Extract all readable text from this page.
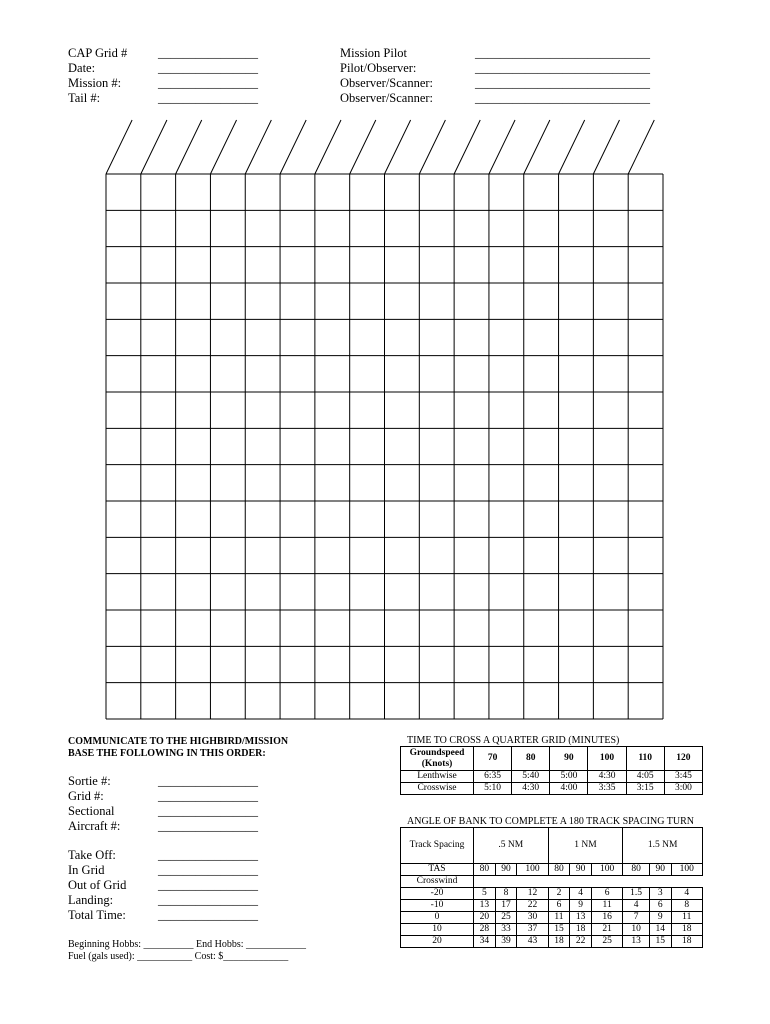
CAP Grid # ________________
Date:	________________
Mission #:	________________
Tail #:	________________
Mission Pilot	____________________________
Pilot/Observer:	____________________________
Observer/Scanner:	____________________________
Observer/Scanner:	____________________________
COMMUNICATE TO THE HIGHBIRD/MISSION
BASE THE FOLLOWING IN THIS ORDER:
Sortie #:	________________
Grid #:	________________
Sectional	________________
Aircraft #:	________________
Take Off:	________________
In Grid	________________
Out of Grid	________________
Landing:	________________
Total Time:	________________
Beginning Hobbs: __________ End Hobbs: ____________
Fuel (gals used): ___________ Cost: $_____________
TIME TO CROSS A QUARTER GRID (MINUTES)
Groundspeed
(Knots)	70	80	90	100	110	120
Lenthwise	6:35	5:40	5:00	4:30	4:05	3:45
Crosswise	5:10	4:30	4:00	3:35	3:15	3:00
ANGLE OF BANK TO COMPLETE A 180 TRACK SPACING TURN
Track Spacing	.5 NM			1 NM			1.5 NM		
TAS	80	90	100	80	90	100	80	90	100
Crosswind									
-20	5	8	12	2	4	6	1.5	3	4
-10	13	17	22	6	9	11	4	6	8
0	20	25	30	11	13	16	7	9	11
10	28	33	37	15	18	21	10	14	18
20	34	39	43	18	22	25	13	15	18
